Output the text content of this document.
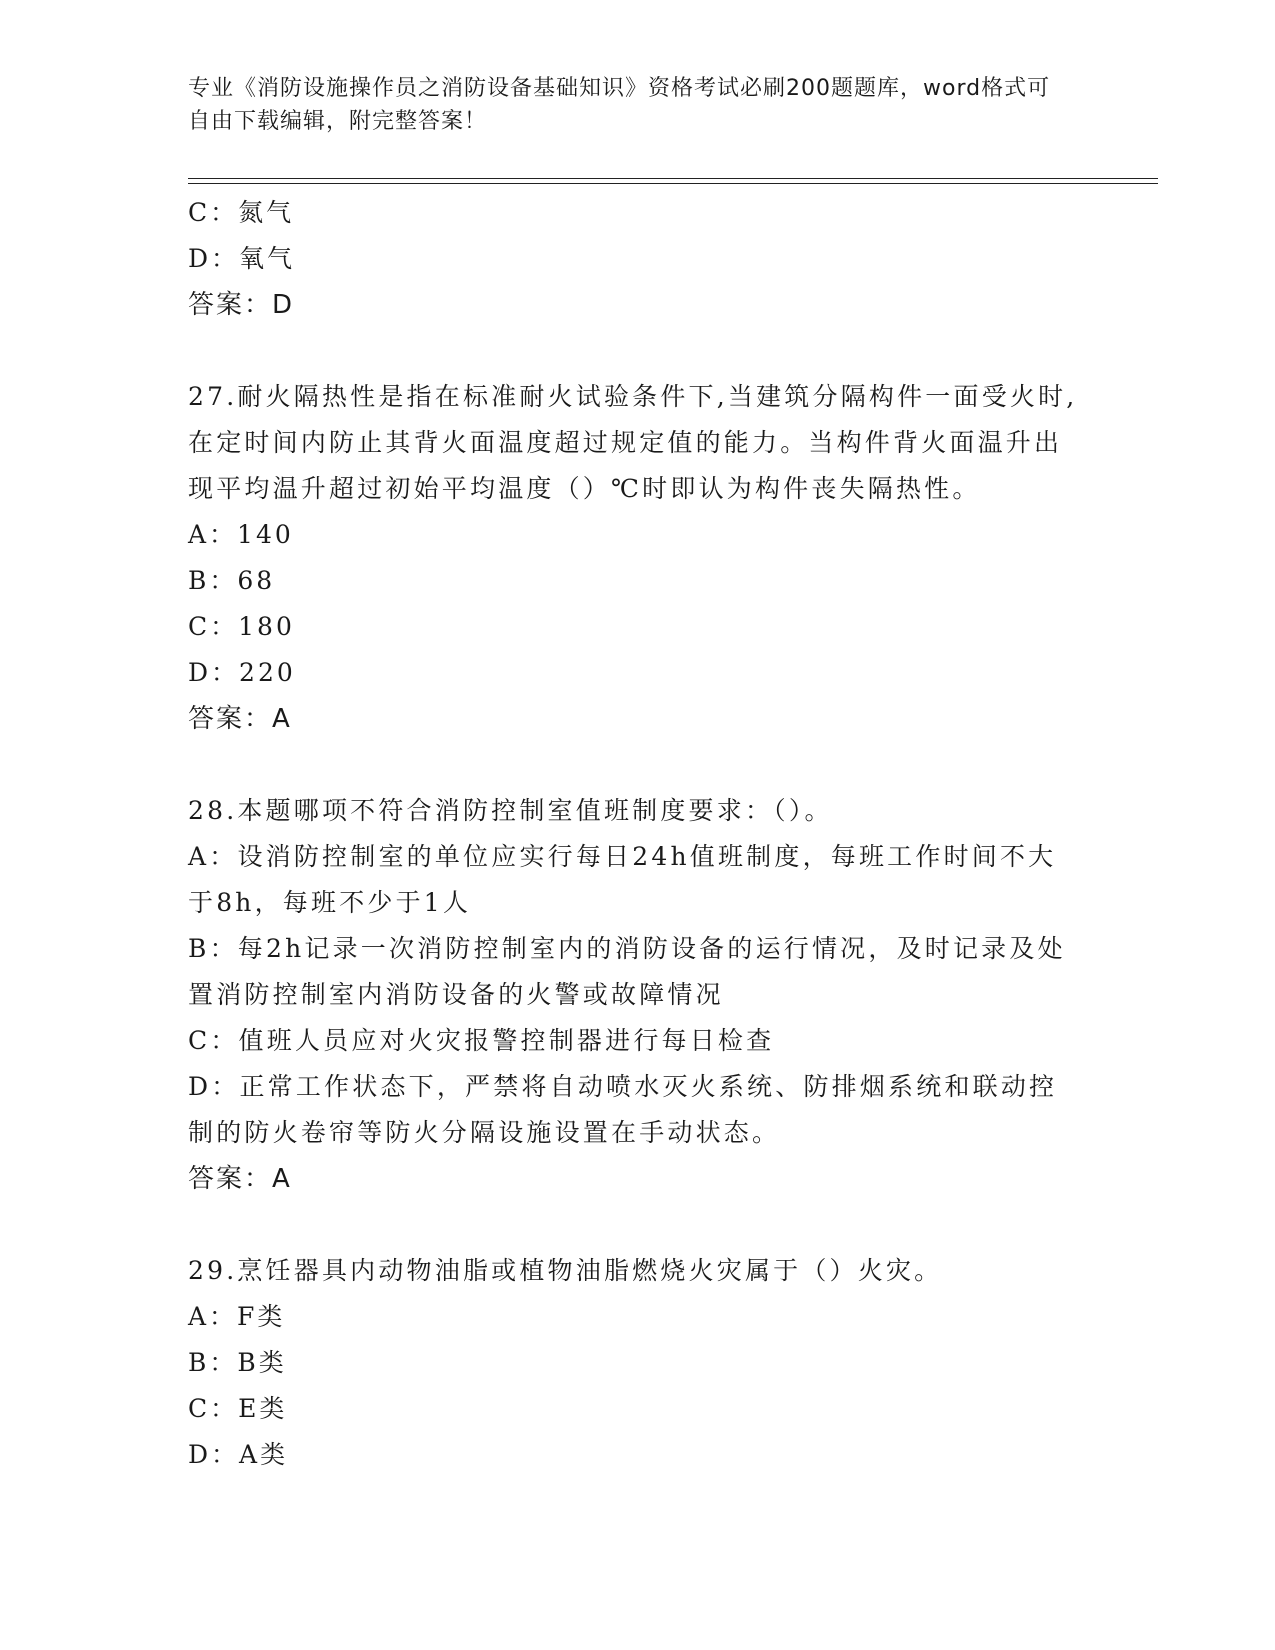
专业《消防设施操作员之消防设备基础知识》资格考试必刷200题题库，word格式可自由下载编辑，附完整答案！
C：氮气
D：氧气
答案：D
27.耐火隔热性是指在标准耐火试验条件下,当建筑分隔构件一面受火时,在定时间内防止其背火面温度超过规定值的能力。当构件背火面温升出现平均温升超过初始平均温度（）℃时即认为构件丧失隔热性。
A：140
B：68
C：180
D：220
答案：A
28.本题哪项不符合消防控制室值班制度要求：（）。
A：设消防控制室的单位应实行每日24h值班制度，每班工作时间不大于8h，每班不少于1人
B：每2h记录一次消防控制室内的消防设备的运行情况，及时记录及处置消防控制室内消防设备的火警或故障情况
C：值班人员应对火灾报警控制器进行每日检查
D：正常工作状态下，严禁将自动喷水灭火系统、防排烟系统和联动控制的防火卷帘等防火分隔设施设置在手动状态。
答案：A
29.烹饪器具内动物油脂或植物油脂燃烧火灾属于（）火灾。
A：F类
B：B类
C：E类
D：A类
